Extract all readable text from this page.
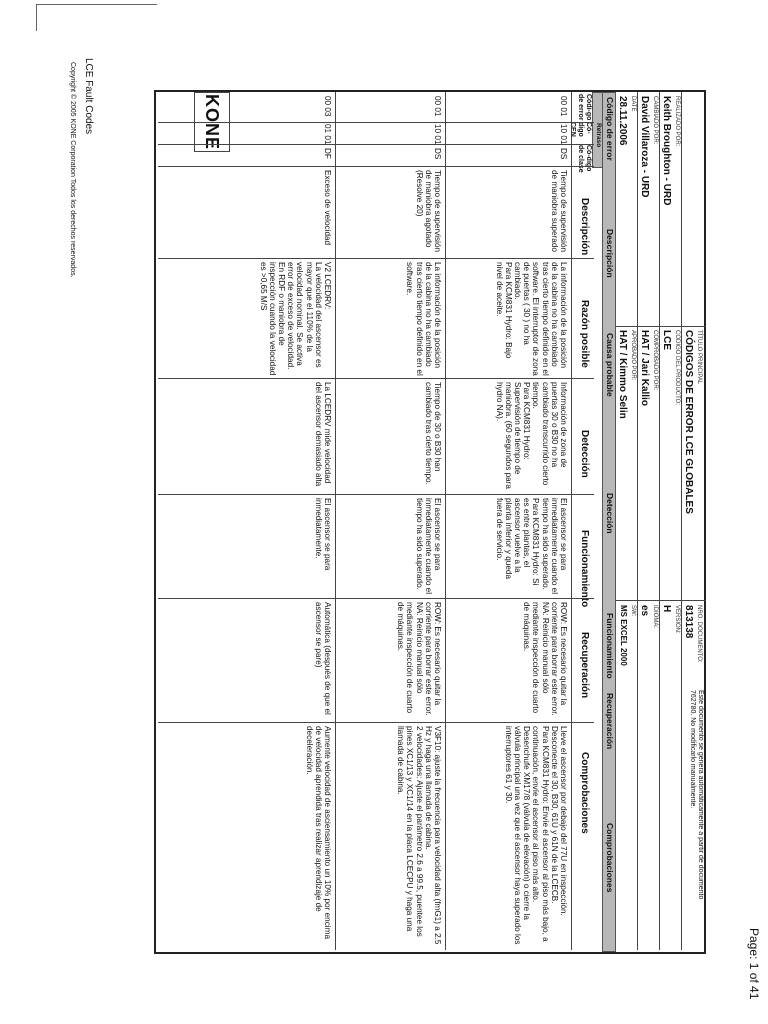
LCE Fault Codes
Copyright © 2005 KONE Corporation Todos los derechos reservados.
Page: 1 of 41
KONE	REALIZADO POR:
Keith Broughton - URD
CAMBIADO POR:
David Villaroza - URD
DATE
28.11.2006
TÍTULO PRINCIPAL
CÓDIGOS DE ERROR LCE GLOBALES
CÓDIGO DEL PRODUCTO:
LCE
COMPROBADO POR:
HAT / Jari Kallio
APROBADO POR:
HAT / Kimmo Selin
NRO. DOCUMENTO:
813138
VERSIÓN:
H
IDIOMA:
es
SW:
MS EXCEL 2000
Este documento se genera automáticamente a partir de documento 762780. No modificarlo manualmente.
Código de error
Descripción
Causa probable
Detección
Funcionamiento
Recuperación
Comprobaciones
Retraso
Códi-go de error
Có-digo CEN
Có-digo de clase
Descripción
Razón posible
Detección
Funcionamiento
Recuperación
Comprobaciones
00 01
10 01
DS
Tiempo de supervisión de maniobra superado
La información de la posición de la cabina no ha cambiado tras cierto tiempo definido en el software. El interruptor de zona de puertas ( 30 ) no ha cambiado.
Para KCM831 Hydro: Bajo nivel de aceite.
Información de zona de puertas 30 o B30 no ha cambiado transcurrido cierto tiempo.
Para KCM831 Hydro: Supervisión de tiempo de maniobra. (60 segundos para hydro NA).
El ascensor se para inmediatamente cuando el tiempo ha sido superado.
Para KCM831 Hydro: Si es entre plantas, el ascensor vuelve a la planta inferior y queda fuera de servicio.
ROW: Es necesario quitar la corriente para borrar este error.
NA: Reinicio manual sólo mediante inspección de cuarto de máquinas.
Lleve el ascensor por debajo del 77U en inspección. Desconecte el 30, B30, 61U y 61N de la LCECB.
Para KCM831 Hydro: Envíe el ascensor al piso más bajo, a continuación, envíe el ascensor al piso más alto. Desenchufe XM17/8 (válvula de elevación) o cierre la válvula principal una vez que el ascensor haya superado los interruptores 61 y 30.
00 01
10 01
DS
Tiempo de supervisión de maniobra agotado (Resolve 20)
La información de la posición de la cabina no ha cambiado tras cierto tiempo definido en el software.
Tiempo de 30 o B30 han cambiado tras cierto tiempo.
El ascensor se para inmediatamente cuando el tiempo ha sido superado.
ROW: Es necesario quitar la corriente para borrar este error.
NA: Reinicio manual sólo mediante inspección de cuarto de máquinas.
V3F10: ajuste la frecuencia para velocidad alta (fmG1) a 2.5 Hz y haga una llamada de cabina.
2 velocidades: Ajuste el parámetro 2.6 a 99.5, puentee los pines XC1/13 y XC1/14 en la placa LCECPU y haga una llamada de cabina.
00 03
01 01
DF
Exceso de velocidad
V2 LCEDRV:
La velocidad del ascensor es mayor que el 110% de la velocidad nominal. Se activa error de exceso de velocidad.
En RDF o maniobra de inspección cuando la velocidad es >0,65 M/S
La LCEDRV mide velocidad del ascensor demasiado alta
El ascensor se para inmediatamente.
Automática (después de que el ascensor se pare)
Aumente velocidad de asciensamiento un 10% por encima de velocidad aprendida tras realizar aprendizaje de deceleración.
